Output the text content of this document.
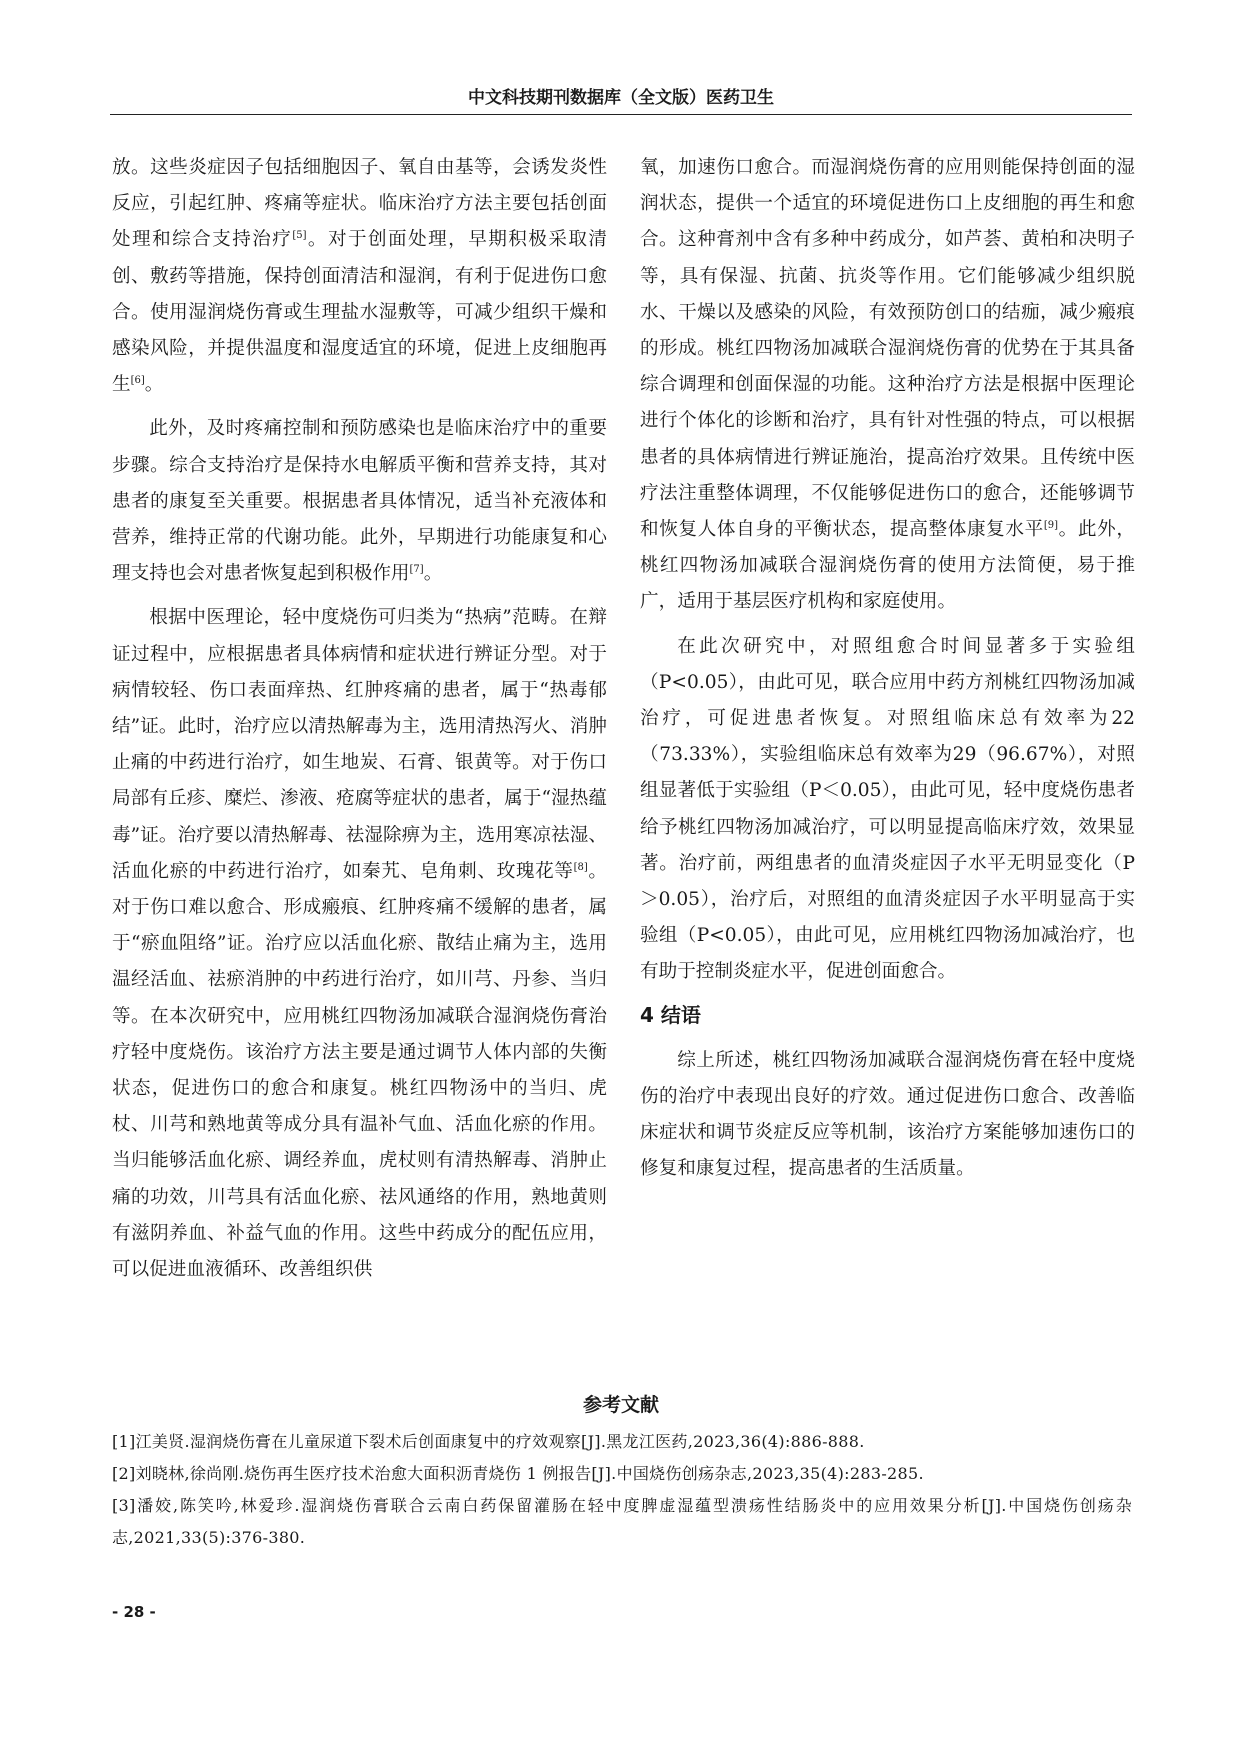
中文科技期刊数据库（全文版）医药卫生

放。这些炎症因子包括细胞因子、氧自由基等，会诱发炎性反应，引起红肿、疼痛等症状。临床治疗方法主要包括创面处理和综合支持治疗[5]。对于创面处理，早期积极采取清创、敷药等措施，保持创面清洁和湿润，有利于促进伤口愈合。使用湿润烧伤膏或生理盐水湿敷等，可减少组织干燥和感染风险，并提供温度和湿度适宜的环境，促进上皮细胞再生[6]。

此外，及时疼痛控制和预防感染也是临床治疗中的重要步骤。综合支持治疗是保持水电解质平衡和营养支持，其对患者的康复至关重要。根据患者具体情况，适当补充液体和营养，维持正常的代谢功能。此外，早期进行功能康复和心理支持也会对患者恢复起到积极作用[7]。

根据中医理论，轻中度烧伤可归类为“热病”范畴。在辩证过程中，应根据患者具体病情和症状进行辨证分型。对于病情较轻、伤口表面痒热、红肿疼痛的患者，属于“热毒郁结”证。此时，治疗应以清热解毒为主，选用清热泻火、消肿止痛的中药进行治疗，如生地炭、石膏、银黄等。对于伤口局部有丘疹、糜烂、渗液、疮腐等症状的患者，属于“湿热蕴毒”证。治疗要以清热解毒、祛湿除痹为主，选用寒凉祛湿、活血化瘀的中药进行治疗，如秦艽、皂角刺、玫瑰花等[8]。对于伤口难以愈合、形成瘢痕、红肿疼痛不缓解的患者，属于“瘀血阻络”证。治疗应以活血化瘀、散结止痛为主，选用温经活血、祛瘀消肿的中药进行治疗，如川芎、丹参、当归等。在本次研究中，应用桃红四物汤加减联合湿润烧伤膏治疗轻中度烧伤。该治疗方法主要是通过调节人体内部的失衡状态，促进伤口的愈合和康复。桃红四物汤中的当归、虎杖、川芎和熟地黄等成分具有温补气血、活血化瘀的作用。当归能够活血化瘀、调经养血，虎杖则有清热解毒、消肿止痛的功效，川芎具有活血化瘀、祛风通络的作用，熟地黄则有滋阴养血、补益气血的作用。这些中药成分的配伍应用，可以促进血液循环、改善组织供

氧，加速伤口愈合。而湿润烧伤膏的应用则能保持创面的湿润状态，提供一个适宜的环境促进伤口上皮细胞的再生和愈合。这种膏剂中含有多种中药成分，如芦荟、黄柏和决明子等，具有保湿、抗菌、抗炎等作用。它们能够减少组织脱水、干燥以及感染的风险，有效预防创口的结痂，减少瘢痕的形成。桃红四物汤加减联合湿润烧伤膏的优势在于其具备综合调理和创面保湿的功能。这种治疗方法是根据中医理论进行个体化的诊断和治疗，具有针对性强的特点，可以根据患者的具体病情进行辨证施治，提高治疗效果。且传统中医疗法注重整体调理，不仅能够促进伤口的愈合，还能够调节和恢复人体自身的平衡状态，提高整体康复水平[9]。此外，桃红四物汤加减联合湿润烧伤膏的使用方法简便，易于推广，适用于基层医疗机构和家庭使用。

在此次研究中，对照组愈合时间显著多于实验组（P<0.05），由此可见，联合应用中药方剂桃红四物汤加减治疗，可促进患者恢复。对照组临床总有效率为22（73.33%），实验组临床总有效率为29（96.67%），对照组显著低于实验组（P＜0.05），由此可见，轻中度烧伤患者给予桃红四物汤加减治疗，可以明显提高临床疗效，效果显著。治疗前，两组患者的血清炎症因子水平无明显变化（P＞0.05），治疗后，对照组的血清炎症因子水平明显高于实验组（P<0.05），由此可见，应用桃红四物汤加减治疗，也有助于控制炎症水平，促进创面愈合。

4 结语

综上所述，桃红四物汤加减联合湿润烧伤膏在轻中度烧伤的治疗中表现出良好的疗效。通过促进伤口愈合、改善临床症状和调节炎症反应等机制，该治疗方案能够加速伤口的修复和康复过程，提高患者的生活质量。

参考文献

[1]江美贤.湿润烧伤膏在儿童尿道下裂术后创面康复中的疗效观察[J].黑龙江医药,2023,36(4):886-888.

[2]刘晓林,徐尚刚.烧伤再生医疗技术治愈大面积沥青烧伤 1 例报告[J].中国烧伤创疡杂志,2023,35(4):283-285.

[3]潘姣,陈笑吟,林爱珍.湿润烧伤膏联合云南白药保留灌肠在轻中度脾虚湿蕴型溃疡性结肠炎中的应用效果分析[J].中国烧伤创疡杂志,2021,33(5):376-380.

- 28 -
